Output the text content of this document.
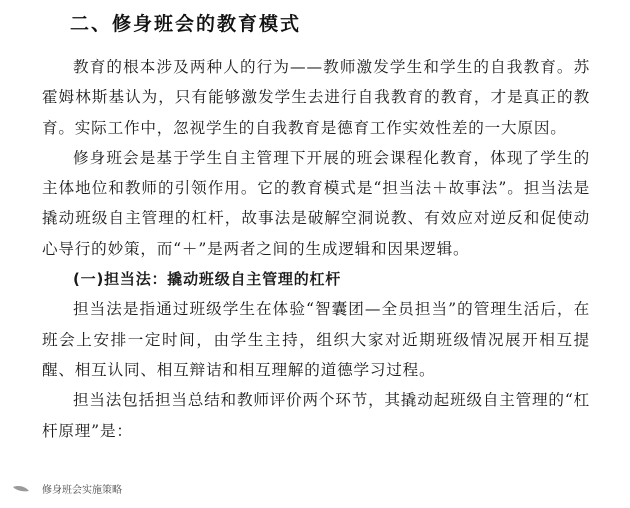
二、修身班会的教育模式

教育的根本涉及两种人的行为——教师激发学生和学生的自我教育。苏霍姆林斯基认为，只有能够激发学生去进行自我教育的教育，才是真正的教育。实际工作中，忽视学生的自我教育是德育工作实效性差的一大原因。

修身班会是基于学生自主管理下开展的班会课程化教育，体现了学生的主体地位和教师的引领作用。它的教育模式是“担当法＋故事法”。担当法是撬动班级自主管理的杠杆，故事法是破解空洞说教、有效应对逆反和促使动心导行的妙策，而“＋”是两者之间的生成逻辑和因果逻辑。

(一)担当法：撬动班级自主管理的杠杆

担当法是指通过班级学生在体验“智囊团—全员担当”的管理生活后，在班会上安排一定时间，由学生主持，组织大家对近期班级情况展开相互提醒、相互认同、相互辩诘和相互理解的道德学习过程。

担当法包括担当总结和教师评价两个环节，其撬动起班级自主管理的“杠杆原理”是：

修身班会实施策略
